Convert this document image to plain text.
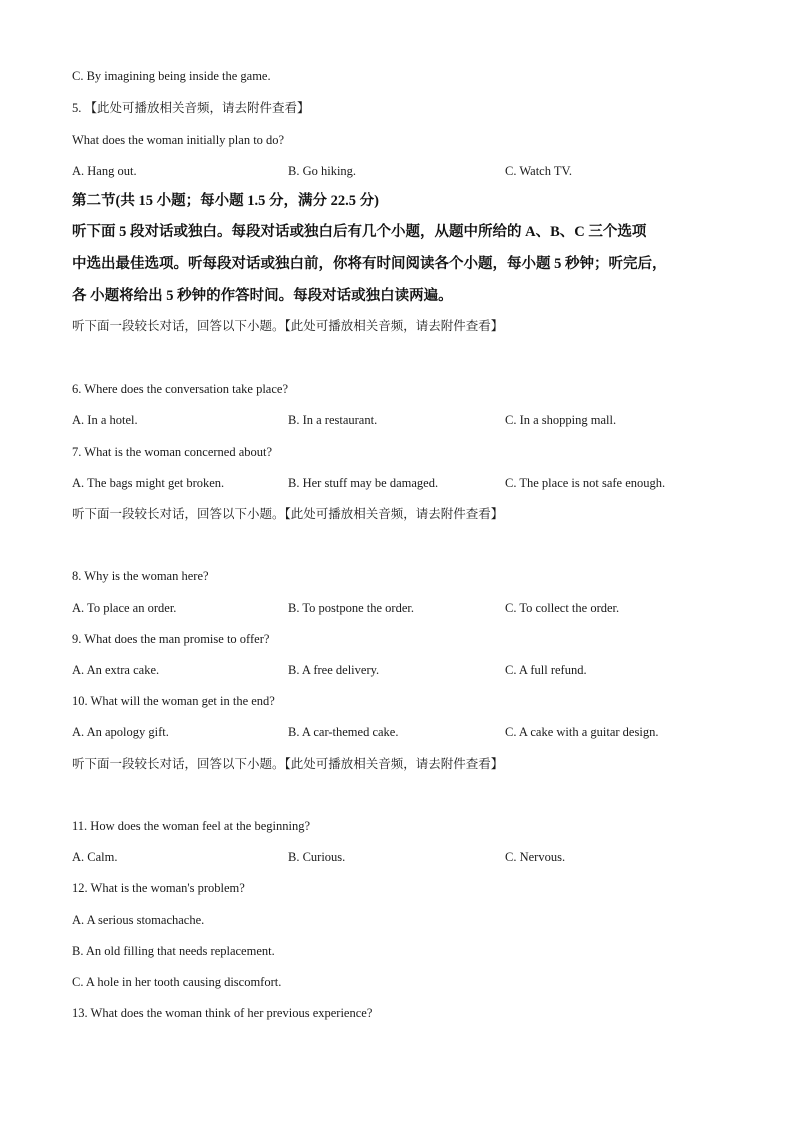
C. By imagining being inside the game.
5. 【此处可播放相关音频，请去附件查看】
What does the woman initially plan to do?
A. Hang out.	B. Go hiking.	C. Watch TV.
第二节(共 15 小题；每小题 1.5 分，满分 22.5 分)
听下面 5 段对话或独白。每段对话或独白后有几个小题，从题中所给的 A、B、C 三个选项
中选出最佳选项。听每段对话或独白前，你将有时间阅读各个小题，每小题 5 秒钟；听完后，
各 小题将给出 5 秒钟的作答时间。每段对话或独白读两遍。
听下面一段较长对话，回答以下小题。【此处可播放相关音频，请去附件查看】
6. Where does the conversation take place?
A. In a hotel.	B. In a restaurant.	C. In a shopping mall.
7. What is the woman concerned about?
A. The bags might get broken.	B. Her stuff may be damaged.	C. The place is not safe enough.
听下面一段较长对话，回答以下小题。【此处可播放相关音频，请去附件查看】
8. Why is the woman here?
A. To place an order.	B. To postpone the order.	C. To collect the order.
9. What does the man promise to offer?
A. An extra cake.	B. A free delivery.	C. A full refund.
10. What will the woman get in the end?
A. An apology gift.	B. A car-themed cake.	C. A cake with a guitar design.
听下面一段较长对话，回答以下小题。【此处可播放相关音频，请去附件查看】
11. How does the woman feel at the beginning?
A. Calm.	B. Curious.	C. Nervous.
12. What is the woman's problem?
A. A serious stomachache.
B. An old filling that needs replacement.
C. A hole in her tooth causing discomfort.
13. What does the woman think of her previous experience?
